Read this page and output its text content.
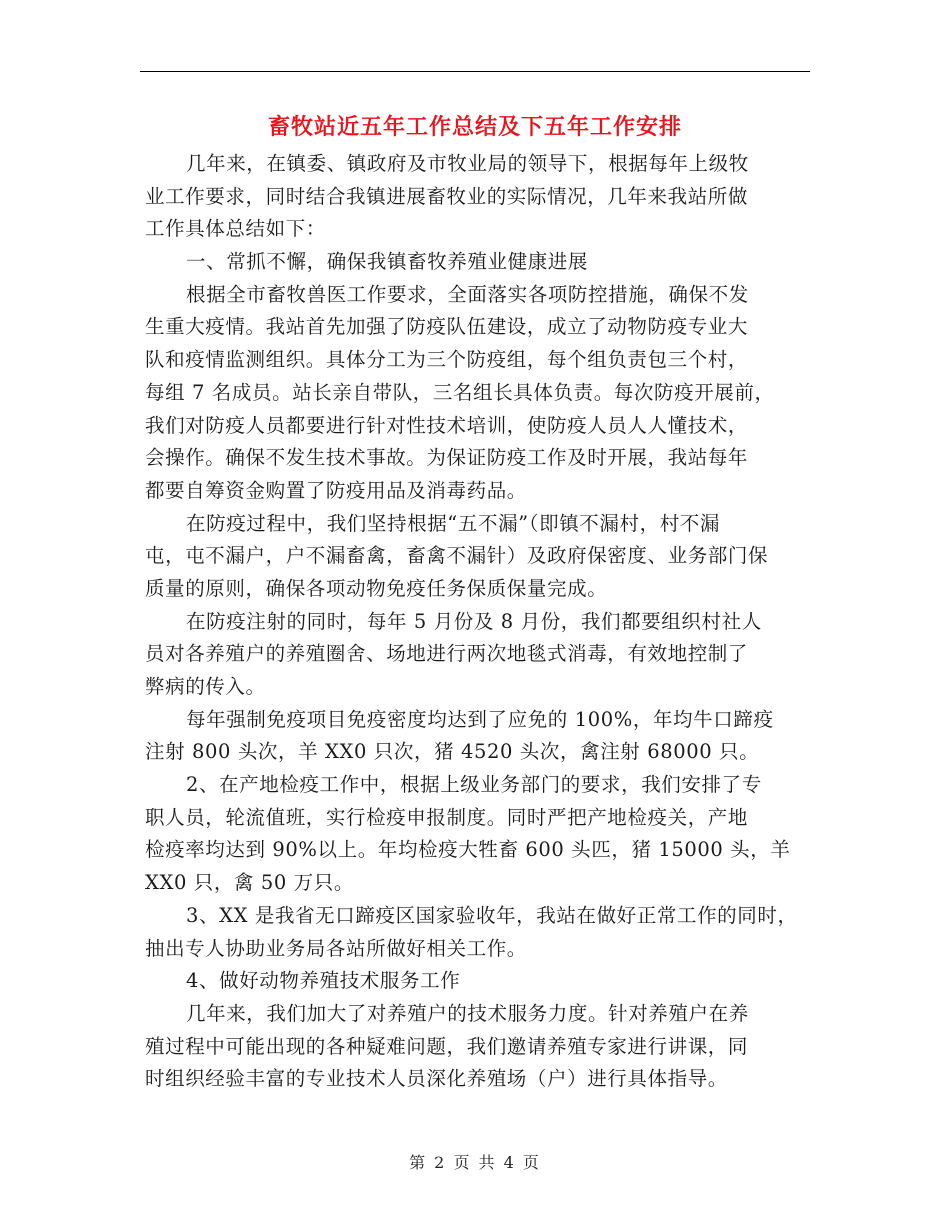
畜牧站近五年工作总结及下五年工作安排

几年来，在镇委、镇政府及市牧业局的领导下，根据每年上级牧

业工作要求，同时结合我镇进展畜牧业的实际情况，几年来我站所做

工作具体总结如下：

一、常抓不懈，确保我镇畜牧养殖业健康进展

根据全市畜牧兽医工作要求，全面落实各项防控措施，确保不发

生重大疫情。我站首先加强了防疫队伍建设，成立了动物防疫专业大

队和疫情监测组织。具体分工为三个防疫组，每个组负责包三个村，

每组 7 名成员。站长亲自带队，三名组长具体负责。每次防疫开展前，

我们对防疫人员都要进行针对性技术培训，使防疫人员人人懂技术，

会操作。确保不发生技术事故。为保证防疫工作及时开展，我站每年

都要自筹资金购置了防疫用品及消毒药品。

在防疫过程中，我们坚持根据“五不漏”（即镇不漏村，村不漏

屯，屯不漏户，户不漏畜禽，畜禽不漏针）及政府保密度、业务部门保

质量的原则，确保各项动物免疫任务保质保量完成。

在防疫注射的同时，每年 5 月份及 8 月份，我们都要组织村社人

员对各养殖户的养殖圈舍、场地进行两次地毯式消毒，有效地控制了

弊病的传入。

每年强制免疫项目免疫密度均达到了应免的 100%，年均牛口蹄疫

注射 800 头次，羊 XX0 只次，猪 4520 头次，禽注射 68000 只。

2、在产地检疫工作中，根据上级业务部门的要求，我们安排了专

职人员，轮流值班，实行检疫申报制度。同时严把产地检疫关，产地

检疫率均达到 90%以上。年均检疫大牲畜 600 头匹，猪 15000 头，羊

XX0 只，禽 50 万只。

3、XX 是我省无口蹄疫区国家验收年，我站在做好正常工作的同时，

抽出专人协助业务局各站所做好相关工作。

4、做好动物养殖技术服务工作

几年来，我们加大了对养殖户的技术服务力度。针对养殖户在养

殖过程中可能出现的各种疑难问题，我们邀请养殖专家进行讲课，同

时组织经验丰富的专业技术人员深化养殖场（户）进行具体指导。

第 2 页 共 4 页
